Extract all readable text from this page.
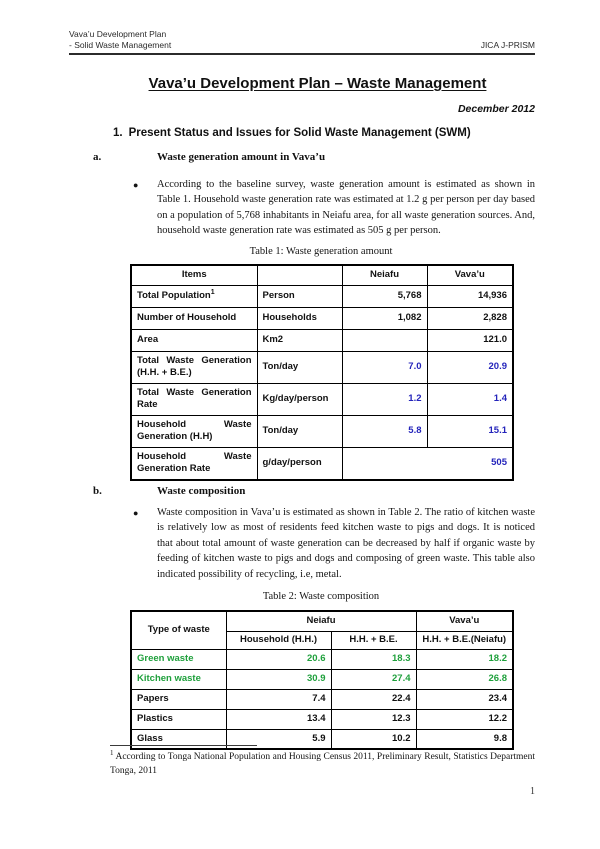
Vava’u Development Plan
- Solid Waste Management	JICA J-PRISM
Vava’u Development Plan – Waste Management
December 2012
1. Present Status and Issues for Solid Waste Management (SWM)
a.	Waste generation amount in Vava’u
●	According to the baseline survey, waste generation amount is estimated as shown in Table 1. Household waste generation rate was estimated at 1.2 g per person per day based on a population of 5,768 inhabitants in Neiafu area, for all waste generation sources. And, household waste generation rate was estimated as 505 g per person.
Table 1: Waste generation amount
Items		Neiafu	Vava’u
Total Population$^1$	Person	5,768	14,936
Number of Household	Households	1,082	2,828
Area	Km2		121.0
Total Waste Generation (H.H. + B.E.)	Ton/day	7.0	20.9
Total Waste Generation Rate	Kg/day/person	1.2	1.4
Household Waste Generation (H.H)	Ton/day	5.8	15.1
Household Waste Generation Rate	g/day/person	505	
b.	Waste composition
●	Waste composition in Vava’u is estimated as shown in Table 2. The ratio of kitchen waste is relatively low as most of residents feed kitchen waste to pigs and dogs. It is noticed that about total amount of waste generation can be decreased by half if organic waste by feeding of kitchen waste to pigs and dogs and composing of green waste. This table also indicated possibility of recycling, i.e, metal.
Table 2: Waste composition
Type of waste	Neiafu		Vava’u
	Household (H.H.)	H.H. + B.E.	H.H. + B.E.(Neiafu)
Green waste	20.6	18.3	18.2
Kitchen waste	30.9	27.4	26.8
Papers	7.4	22.4	23.4
Plastics	13.4	12.3	12.2
Glass	5.9	10.2	9.8
$^1$ According to Tonga National Population and Housing Census 2011, Preliminary Result, Statistics Department Tonga, 2011
1
